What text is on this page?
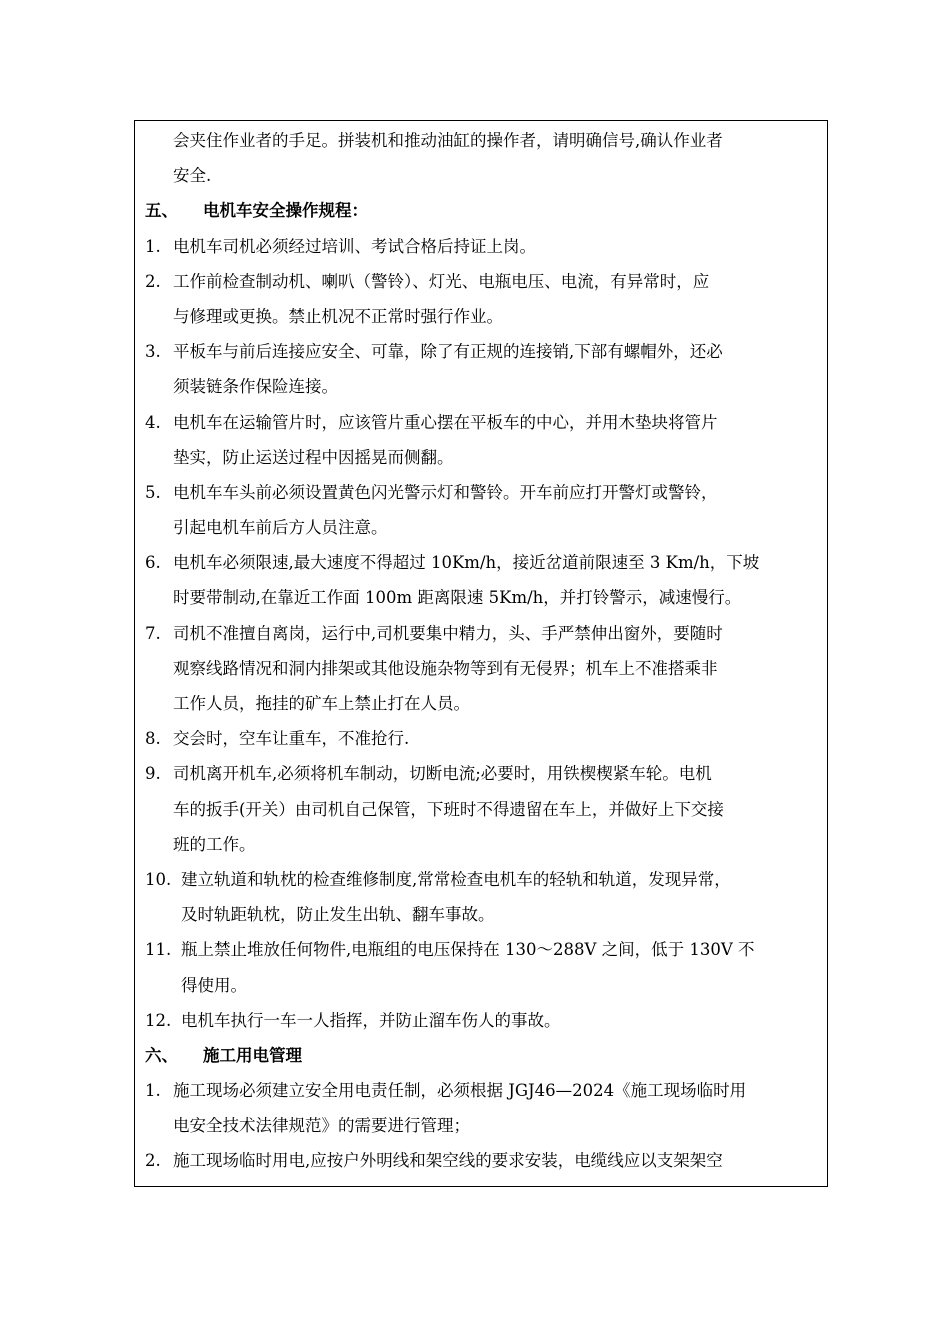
会夹住作业者的手足。拼装机和推动油缸的操作者，请明确信号,确认作业者
安全.
五、 电机车安全操作规程：
1. 电机车司机必须经过培训、考试合格后持证上岗。
2. 工作前检查制动机、喇叭（警铃）、灯光、电瓶电压、电流，有异常时，应
与修理或更换。禁止机况不正常时强行作业。
3. 平板车与前后连接应安全、可靠，除了有正规的连接销,下部有螺帽外，还必
须装链条作保险连接。
4. 电机车在运输管片时，应该管片重心摆在平板车的中心，并用木垫块将管片
垫实，防止运送过程中因摇晃而侧翻。
5. 电机车车头前必须设置黄色闪光警示灯和警铃。开车前应打开警灯或警铃，
引起电机车前后方人员注意。
6. 电机车必须限速,最大速度不得超过 10Km/h，接近岔道前限速至 3 Km/h，下坡
时要带制动,在靠近工作面 100m 距离限速 5Km/h，并打铃警示，减速慢行。
7. 司机不准擅自离岗，运行中,司机要集中精力，头、手严禁伸出窗外，要随时
观察线路情况和洞内排架或其他设施杂物等到有无侵界；机车上不准搭乘非
工作人员，拖挂的矿车上禁止打在人员。
8. 交会时，空车让重车，不准抢行.
9. 司机离开机车,必须将机车制动，切断电流;必要时，用铁楔楔紧车轮。电机
车的扳手(开关）由司机自己保管，下班时不得遗留在车上，并做好上下交接
班的工作。
10. 建立轨道和轨枕的检查维修制度,常常检查电机车的轻轨和轨道，发现异常，
及时轨距轨枕，防止发生出轨、翻车事故。
11. 瓶上禁止堆放任何物件,电瓶组的电压保持在 130～288V 之间，低于 130V 不
得使用。
12. 电机车执行一车一人指挥，并防止溜车伤人的事故。
六、 施工用电管理
1. 施工现场必须建立安全用电责任制，必须根据 JGJ46—2024《施工现场临时用
电安全技术法律规范》的需要进行管理；
2. 施工现场临时用电,应按户外明线和架空线的要求安装，电缆线应以支架架空
